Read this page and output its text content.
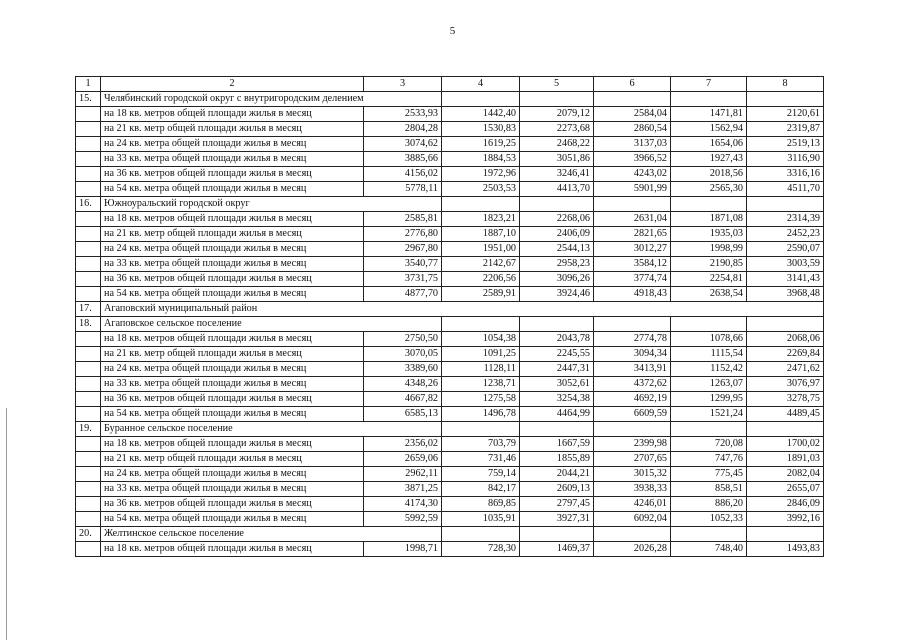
5
1	2	3	4	5	6	7	8
15.	Челябинский городской округ с внутригородским делением						
	на 18 кв. метров общей площади жилья в месяц	2533,93	1442,40	2079,12	2584,04	1471,81	2120,61
	на 21 кв. метр общей площади жилья в месяц	2804,28	1530,83	2273,68	2860,54	1562,94	2319,87
	на 24 кв. метра общей площади жилья в месяц	3074,62	1619,25	2468,22	3137,03	1654,06	2519,13
	на 33 кв. метра общей площади жилья в месяц	3885,66	1884,53	3051,86	3966,52	1927,43	3116,90
	на 36 кв. метров общей площади жилья в месяц	4156,02	1972,96	3246,41	4243,02	2018,56	3316,16
	на 54 кв. метра общей площади жилья в месяц	5778,11	2503,53	4413,70	5901,99	2565,30	4511,70
16.	Южноуральский городской округ						
	на 18 кв. метров общей площади жилья в месяц	2585,81	1823,21	2268,06	2631,04	1871,08	2314,39
	на 21 кв. метр общей площади жилья в месяц	2776,80	1887,10	2406,09	2821,65	1935,03	2452,23
	на 24 кв. метра общей площади жилья в месяц	2967,80	1951,00	2544,13	3012,27	1998,99	2590,07
	на 33 кв. метра общей площади жилья в месяц	3540,77	2142,67	2958,23	3584,12	2190,85	3003,59
	на 36 кв. метров общей площади жилья в месяц	3731,75	2206,56	3096,26	3774,74	2254,81	3141,43
	на 54 кв. метра общей площади жилья в месяц	4877,70	2589,91	3924,46	4918,43	2638,54	3968,48
17.	Агаповский муниципальный район						
18.	Агаповское сельское поселение						
	на 18 кв. метров общей площади жилья в месяц	2750,50	1054,38	2043,78	2774,78	1078,66	2068,06
	на 21 кв. метр общей площади жилья в месяц	3070,05	1091,25	2245,55	3094,34	1115,54	2269,84
	на 24 кв. метра общей площади жилья в месяц	3389,60	1128,11	2447,31	3413,91	1152,42	2471,62
	на 33 кв. метра общей площади жилья в месяц	4348,26	1238,71	3052,61	4372,62	1263,07	3076,97
	на 36 кв. метров общей площади жилья в месяц	4667,82	1275,58	3254,38	4692,19	1299,95	3278,75
	на 54 кв. метра общей площади жилья в месяц	6585,13	1496,78	4464,99	6609,59	1521,24	4489,45
19.	Буранное сельское поселение						
	на 18 кв. метров общей площади жилья в месяц	2356,02	703,79	1667,59	2399,98	720,08	1700,02
	на 21 кв. метр общей площади жилья в месяц	2659,06	731,46	1855,89	2707,65	747,76	1891,03
	на 24 кв. метра общей площади жилья в месяц	2962,11	759,14	2044,21	3015,32	775,45	2082,04
	на 33 кв. метра общей площади жилья в месяц	3871,25	842,17	2609,13	3938,33	858,51	2655,07
	на 36 кв. метров общей площади жилья в месяц	4174,30	869,85	2797,45	4246,01	886,20	2846,09
	на 54 кв. метра общей площади жилья в месяц	5992,59	1035,91	3927,31	6092,04	1052,33	3992,16
20.	Желтинское сельское поселение						
	на 18 кв. метров общей площади жилья в месяц	1998,71	728,30	1469,37	2026,28	748,40	1493,83
